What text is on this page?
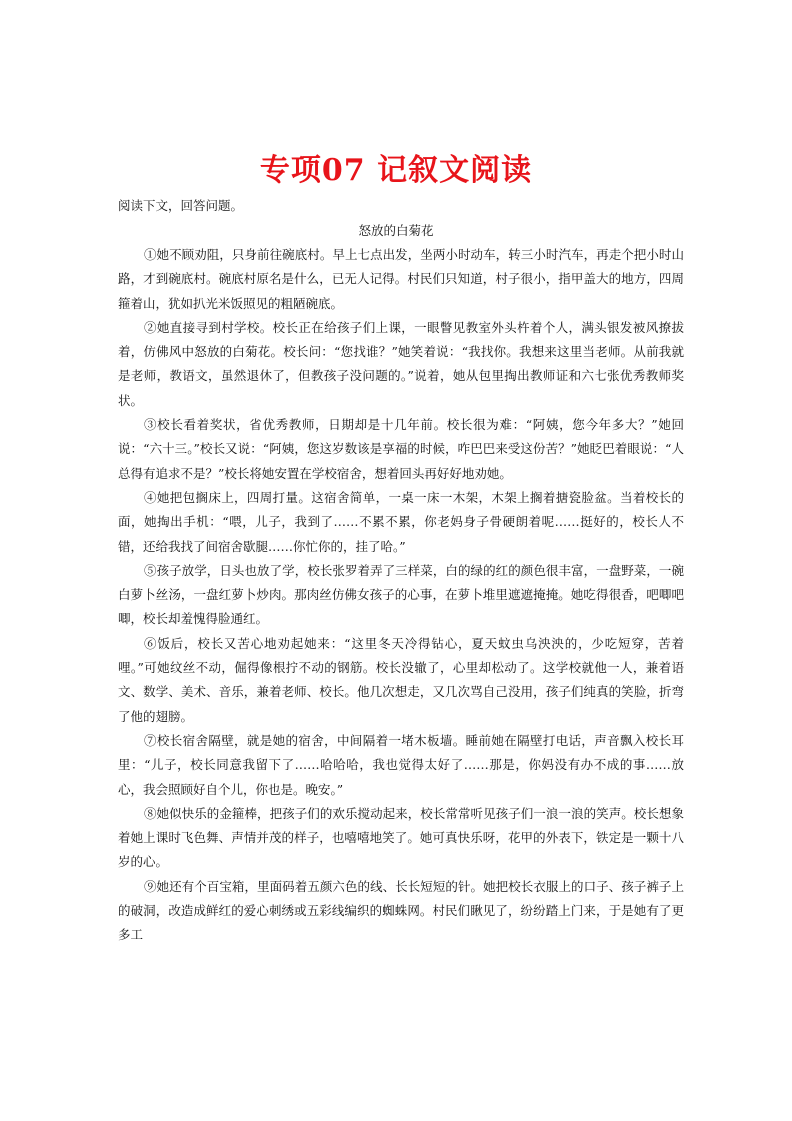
专项07 记叙文阅读
阅读下文，回答问题。
怒放的白菊花

①她不顾劝阻，只身前往碗底村。早上七点出发，坐两小时动车，转三小时汽车，再走个把小时山路，才到碗底村。碗底村原名是什么，已无人记得。村民们只知道，村子很小，指甲盖大的地方，四周箍着山，犹如扒光米饭照见的粗陋碗底。

②她直接寻到村学校。校长正在给孩子们上课，一眼瞥见教室外头杵着个人，满头银发被风撩拔着，仿佛风中怒放的白菊花。校长问：“您找谁？”她笑着说：“我找你。我想来这里当老师。从前我就是老师，教语文，虽然退休了，但教孩子没问题的。”说着，她从包里掏出教师证和六七张优秀教师奖状。

③校长看着奖状，省优秀教师，日期却是十几年前。校长很为难：“阿姨，您今年多大？”她回说：“六十三。”校长又说：“阿姨，您这岁数该是享福的时候，咋巴巴来受这份苦？”她眨巴着眼说：“人总得有追求不是？”校长将她安置在学校宿舍，想着回头再好好地劝她。

④她把包搁床上，四周打量。这宿舍简单，一桌一床一木架，木架上搁着搪瓷脸盆。当着校长的面，她掏出手机：“喂，儿子，我到了……不累不累，你老妈身子骨硬朗着呢……挺好的，校长人不错，还给我找了间宿舍歇腿……你忙你的，挂了哈。”

⑤孩子放学，日头也放了学，校长张罗着弄了三样菜，白的绿的红的颜色很丰富，一盘野菜，一碗白萝卜丝汤，一盘红萝卜炒肉。那肉丝仿佛女孩子的心事，在萝卜堆里遮遮掩掩。她吃得很香，吧唧吧唧，校长却羞愧得脸通红。

⑥饭后，校长又苦心地劝起她来：“这里冬天冷得钻心，夏天蚊虫乌泱泱的，少吃短穿，苦着哩。”可她纹丝不动，倔得像根拧不动的钢筋。校长没辙了，心里却松动了。这学校就他一人，兼着语文、数学、美术、音乐，兼着老师、校长。他几次想走，又几次骂自己没用，孩子们纯真的笑脸，折弯了他的翅膀。

⑦校长宿舍隔壁，就是她的宿舍，中间隔着一堵木板墙。睡前她在隔壁打电话，声音飘入校长耳里：“儿子，校长同意我留下了……哈哈哈，我也觉得太好了……那是，你妈没有办不成的事……放心，我会照顾好自个儿，你也是。晚安。”

⑧她似快乐的金箍棒，把孩子们的欢乐搅动起来，校长常常听见孩子们一浪一浪的笑声。校长想象着她上课时飞色舞、声情并茂的样子，也嘻嘻地笑了。她可真快乐呀，花甲的外表下，铁定是一颗十八岁的心。

⑨她还有个百宝箱，里面码着五颜六色的线、长长短短的针。她把校长衣服上的口子、孩子裤子上的破洞，改造成鲜红的爱心刺绣或五彩线编织的蜘蛛网。村民们瞅见了，纷纷踏上门来，于是她有了更多工
